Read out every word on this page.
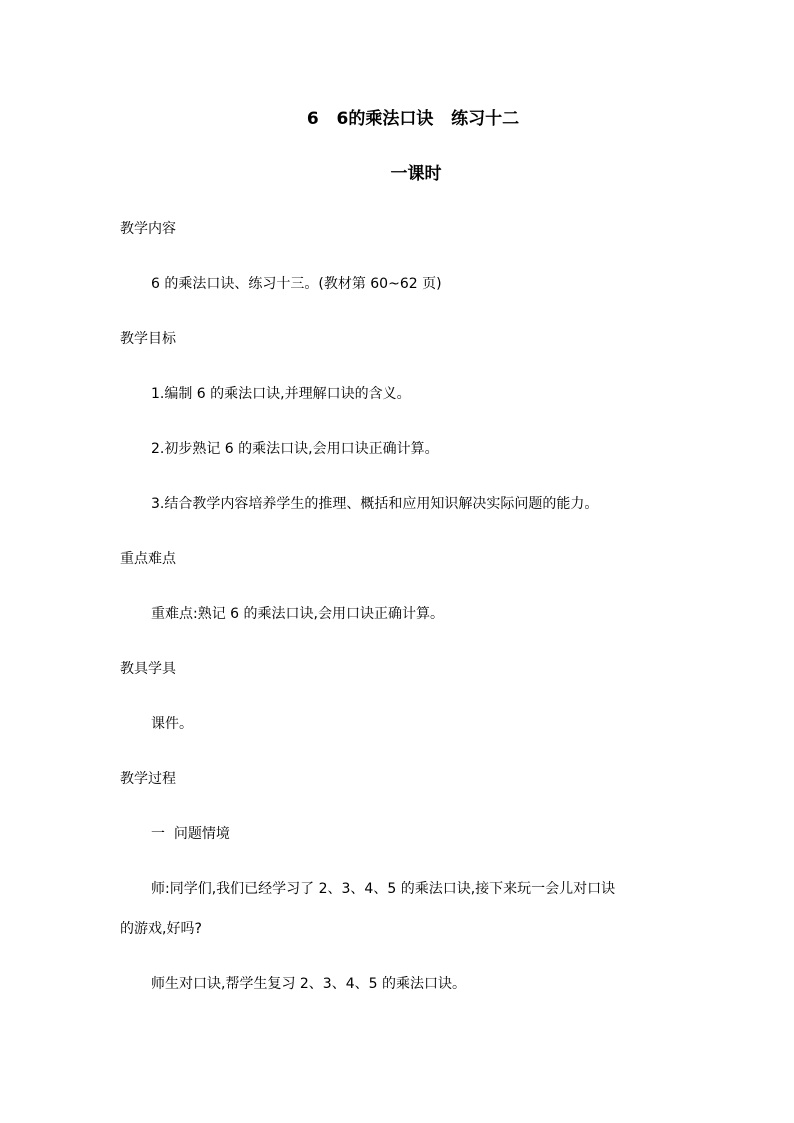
6   6的乘法口诀   练习十二
一课时
教学内容
6 的乘法口诀、练习十三。(教材第 60~62 页)
教学目标
1.编制 6 的乘法口诀,并理解口诀的含义。
2.初步熟记 6 的乘法口诀,会用口诀正确计算。
3.结合教学内容培养学生的推理、概括和应用知识解决实际问题的能力。
重点难点
重难点:熟记 6 的乘法口诀,会用口诀正确计算。
教具学具
课件。
教学过程
一  问题情境
师:同学们,我们已经学习了 2、3、4、5 的乘法口诀,接下来玩一会儿对口诀
的游戏,好吗?
师生对口诀,帮学生复习 2、3、4、5 的乘法口诀。
